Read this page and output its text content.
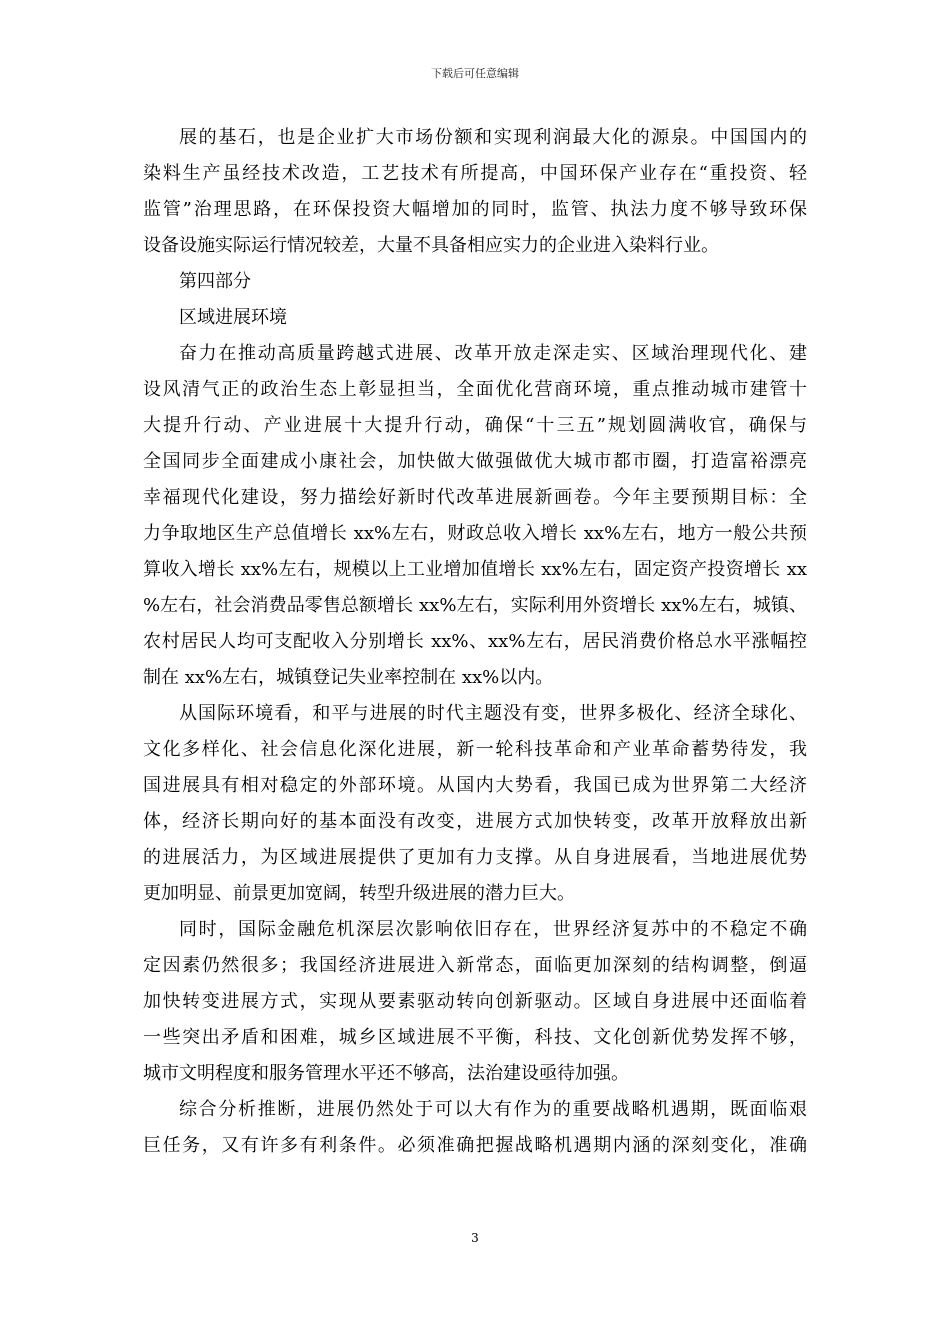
下载后可任意编辑
展的基石，也是企业扩大市场份额和实现利润最大化的源泉。中国国内的
染料生产虽经技术改造，工艺技术有所提高，中国环保产业存在“重投资、轻
监管”治理思路，在环保投资大幅增加的同时，监管、执法力度不够导致环保
设备设施实际运行情况较差，大量不具备相应实力的企业进入染料行业。
第四部分
区域进展环境
奋力在推动高质量跨越式进展、改革开放走深走实、区域治理现代化、建
设风清气正的政治生态上彰显担当，全面优化营商环境，重点推动城市建管十
大提升行动、产业进展十大提升行动，确保“十三五”规划圆满收官，确保与
全国同步全面建成小康社会，加快做大做强做优大城市都市圈，打造富裕漂亮
幸福现代化建设，努力描绘好新时代改革进展新画卷。今年主要预期目标：全
力争取地区生产总值增长 xx%左右，财政总收入增长 xx%左右，地方一般公共预
算收入增长 xx%左右，规模以上工业增加值增长 xx%左右，固定资产投资增长 xx
%左右，社会消费品零售总额增长 xx%左右，实际利用外资增长 xx%左右，城镇、
农村居民人均可支配收入分别增长 xx%、xx%左右，居民消费价格总水平涨幅控
制在 xx%左右，城镇登记失业率控制在 xx%以内。
从国际环境看，和平与进展的时代主题没有变，世界多极化、经济全球化、
文化多样化、社会信息化深化进展，新一轮科技革命和产业革命蓄势待发，我
国进展具有相对稳定的外部环境。从国内大势看，我国已成为世界第二大经济
体，经济长期向好的基本面没有改变，进展方式加快转变，改革开放释放出新
的进展活力，为区域进展提供了更加有力支撑。从自身进展看，当地进展优势
更加明显、前景更加宽阔，转型升级进展的潜力巨大。
同时，国际金融危机深层次影响依旧存在，世界经济复苏中的不稳定不确
定因素仍然很多；我国经济进展进入新常态，面临更加深刻的结构调整，倒逼
加快转变进展方式，实现从要素驱动转向创新驱动。区域自身进展中还面临着
一些突出矛盾和困难，城乡区域进展不平衡，科技、文化创新优势发挥不够，
城市文明程度和服务管理水平还不够高，法治建设亟待加强。
综合分析推断，进展仍然处于可以大有作为的重要战略机遇期，既面临艰
巨任务，又有许多有利条件。必须准确把握战略机遇期内涵的深刻变化，准确
3
